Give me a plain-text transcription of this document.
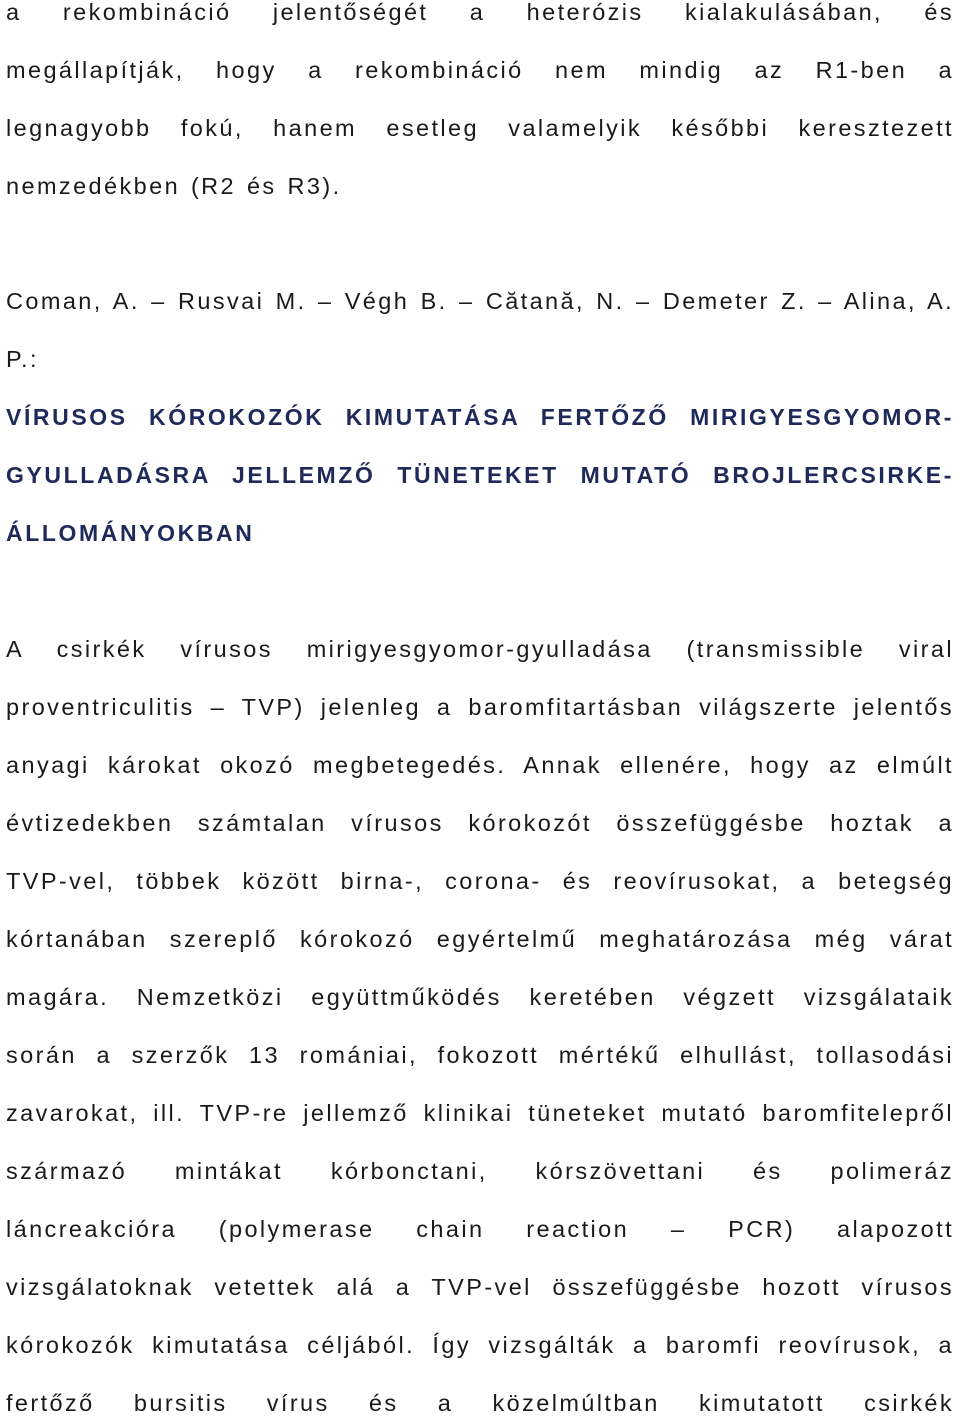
a rekombináció jelentőségét a heterózis kialakulásában, és
megállapítják, hogy a rekombináció nem mindig az R1-ben a
legnagyobb fokú, hanem esetleg valamelyik későbbi keresztezett
nemzedékben (R2 és R3).
Coman, A. – Rusvai M. – Végh B. – Cătană, N. – Demeter Z. – Alina, A.
P.:
VÍRUSOS KÓROKOZÓK KIMUTATÁSA FERTŐZŐ MIRIGYESGYOMOR-
GYULLADÁSRA JELLEMZŐ TÜNETEKET MUTATÓ BROJLERCSIRKE-
ÁLLOMÁNYOKBAN
A csirkék vírusos mirigyesgyomor-gyulladása (transmissible viral
proventriculitis – TVP) jelenleg a baromfitartásban világszerte jelentős
anyagi károkat okozó megbetegedés. Annak ellenére, hogy az elmúlt
évtizedekben számtalan vírusos kórokozót összefüggésbe hoztak a
TVP-vel, többek között birna-, corona- és reovírusokat, a betegség
kórtanában szereplő kórokozó egyértelmű meghatározása még várat
magára. Nemzetközi együttműködés keretében végzett vizsgálataik
során a szerzők 13 romániai, fokozott mértékű elhullást, tollasodási
zavarokat, ill. TVP-re jellemző klinikai tüneteket mutató baromfitelepről
származó mintákat kórbonctani, kórszövettani és polimeráz
láncreakcióra (polymerase chain reaction – PCR) alapozott
vizsgálatoknak vetettek alá a TVP-vel összefüggésbe hozott vírusos
kórokozók kimutatása céljából. Így vizsgálták a baromfi reovírusok, a
fertőző bursitis vírus és a közelmúltban kimutatott csirkék
